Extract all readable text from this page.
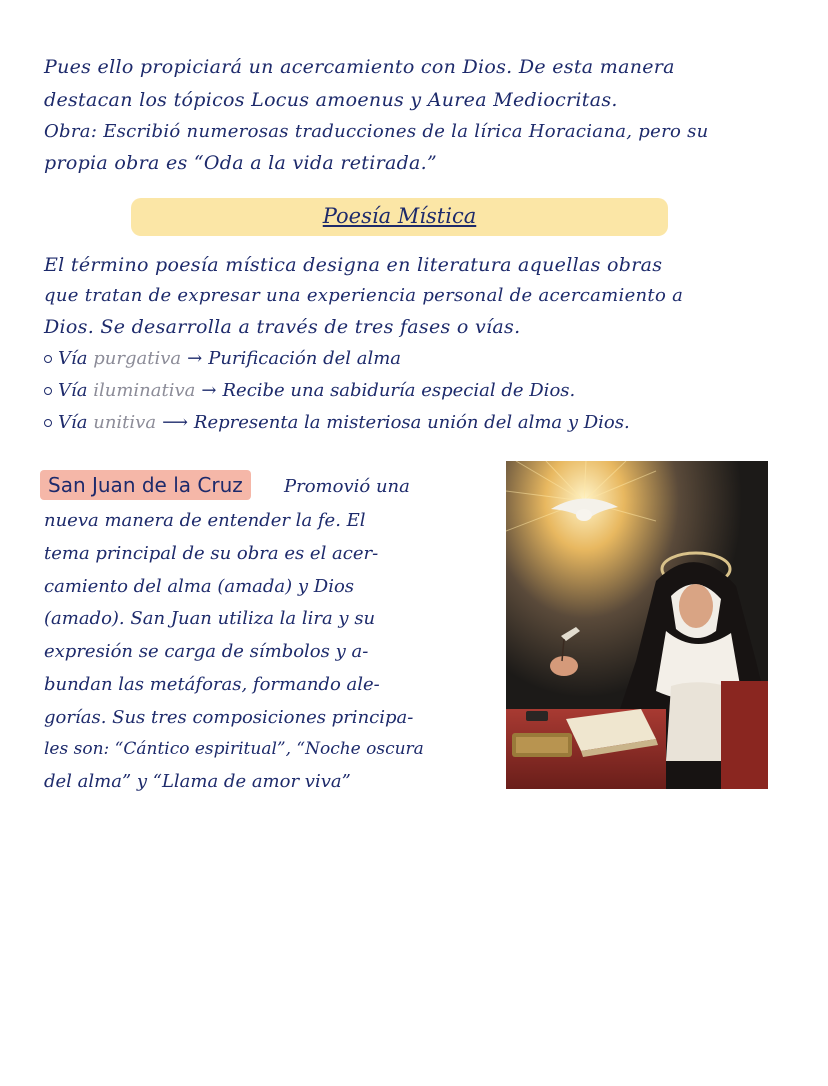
Pues ello propiciará un acercamiento con Dios. De esta manera
destacan los tópicos Locus amoenus y Aurea Mediocritas.
Obra: Escribió numerosas traducciones de la lírica Horaciana, pero su
propia obra es “Oda a la vida retirada.”
Poesía Mística
El término poesía mística designa en literatura aquellas obras
que tratan de expresar una experiencia personal de acercamiento a
Dios. Se desarrolla a través de tres fases o vías.
Vía purgativa → Purificación del alma
Vía iluminativa → Recibe una sabiduría especial de Dios.
Vía unitiva ⟶ Representa la misteriosa unión del alma y Dios.
San Juan de la Cruz	Promovió una
nueva manera de entender la fe. El
tema principal de su obra es el acer-
camiento del alma (amada) y Dios
(amado). San Juan utiliza la lira y su
expresión se carga de símbolos y a-
bundan las metáforas, formando ale-
gorías. Sus tres composiciones principa-
les son: “Cántico espiritual”, “Noche oscura
del alma” y “Llama de amor viva”
